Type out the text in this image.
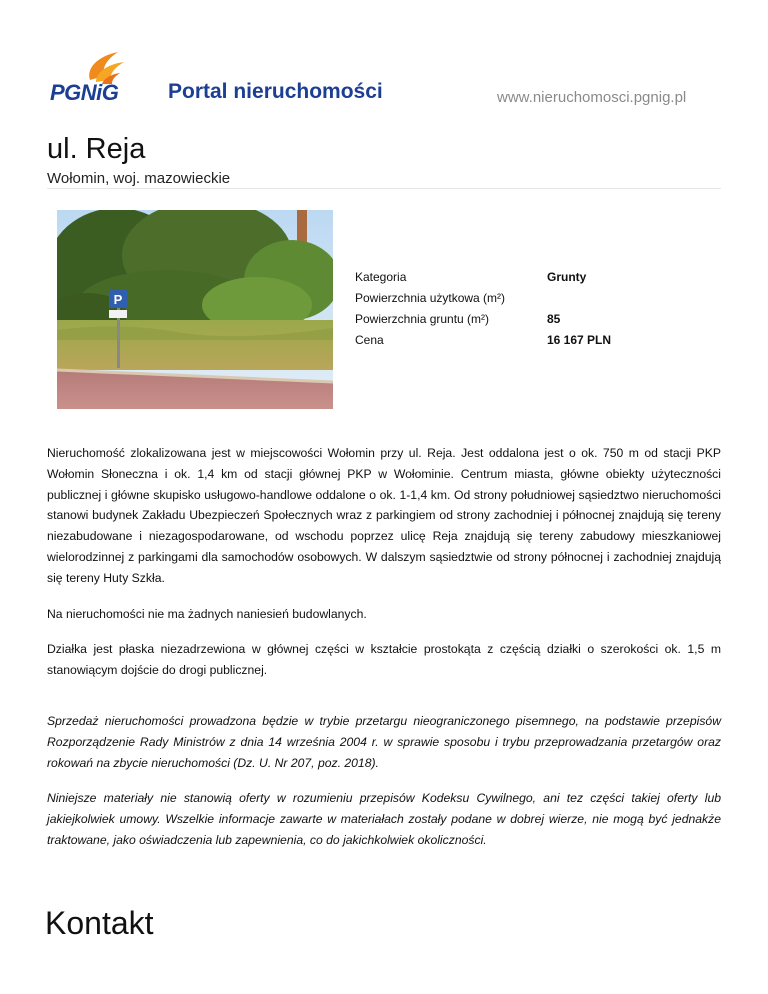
PGNiG Portal nieruchomości	www.nieruchomosci.pgnig.pl
ul. Reja
Wołomin, woj. mazowieckie
P
Kategoria	Grunty
Powierzchnia użytkowa (m²)
Powierzchnia gruntu (m²)	85
Cena	16 167 PLN

Nieruchomość zlokalizowana jest w miejscowości Wołomin przy ul. Reja. Jest oddalona jest o ok. 750 m od stacji PKP Wołomin Słoneczna i ok. 1,4 km od stacji głównej PKP w Wołominie. Centrum miasta, główne obiekty użyteczności publicznej i główne skupisko usługowo-handlowe oddalone o ok. 1-1,4 km. Od strony południowej sąsiedztwo nieruchomości stanowi budynek Zakładu Ubezpieczeń Społecznych wraz z parkingiem od strony zachodniej i północnej znajdują się tereny niezabudowane i niezagospodarowane, od wschodu poprzez ulicę Reja znajdują się tereny zabudowy mieszkaniowej wielorodzinnej z parkingami dla samochodów osobowych. W dalszym sąsiedztwie od strony północnej i zachodniej znajdują się tereny Huty Szkła.

Na nieruchomości nie ma żadnych naniesień budowlanych.

Działka jest płaska niezadrzewiona w głównej części w kształcie prostokąta z częścią działki o szerokości ok. 1,5 m stanowiącym dojście do drogi publicznej.

Sprzedaż nieruchomości prowadzona będzie w trybie przetargu nieograniczonego pisemnego, na podstawie przepisów Rozporządzenie Rady Ministrów z dnia 14 września 2004 r. w sprawie sposobu i trybu przeprowadzania przetargów oraz rokowań na zbycie nieruchomości (Dz. U. Nr 207, poz. 2018).

Niniejsze materiały nie stanowią oferty w rozumieniu przepisów Kodeksu Cywilnego, ani tez części takiej oferty lub jakiejkolwiek umowy. Wszelkie informacje zawarte w materiałach zostały podane w dobrej wierze, nie mogą być jednakże traktowane, jako oświadczenia lub zapewnienia, co do jakichkolwiek okoliczności.

Kontakt
